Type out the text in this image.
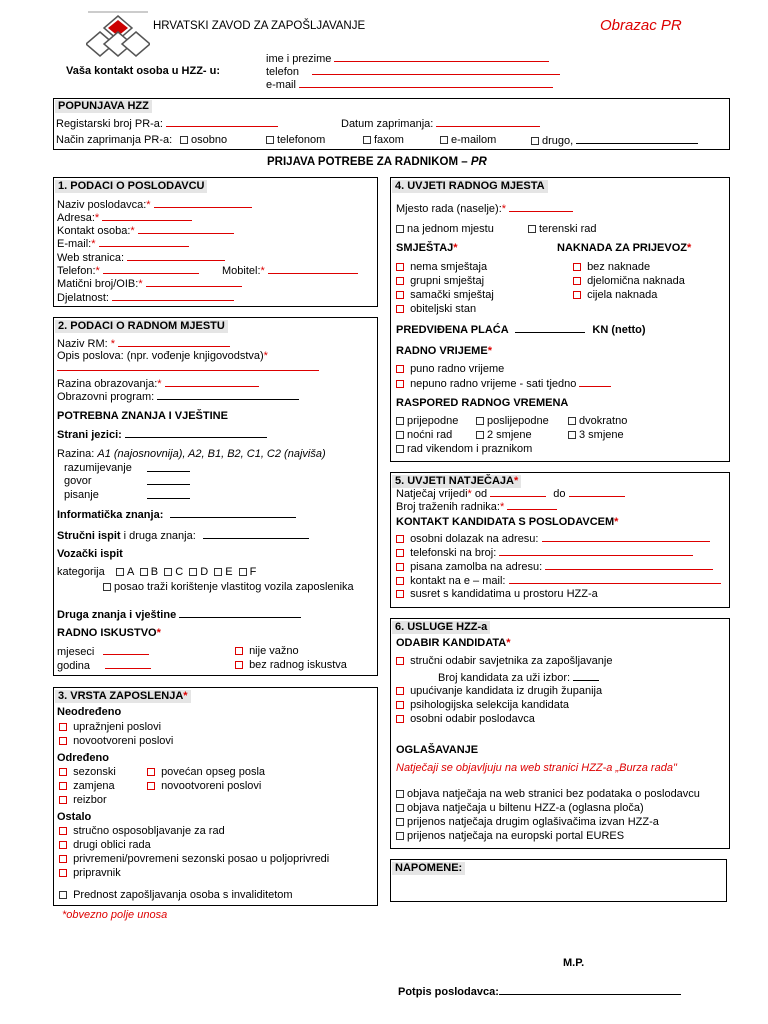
HRVATSKI ZAVOD ZA ZAPOŠLJAVANJE	Obrazac PR
Vaša kontakt osoba u HZZ- u:
ime i prezime
telefon
e-mail
POPUNJAVA HZZ
Registarski broj PR-a:	Datum zaprimanja:
Način zaprimanja PR-a:	osobno	telefonom	faxom	e-mailom	drugo,
PRIJAVA POTREBE ZA RADNIKOM – PR
1. PODACI O POSLODAVCU
Naziv poslodavca:*
Adresa:*
Kontakt osoba:*
E-mail:*
Web stranica:
Telefon:*	Mobitel:*
Matični broj/OIB:*
Djelatnost:
2. PODACI O RADNOM MJESTU
Naziv RM: *
Opis poslova: (npr. vođenje knjigovodstva)*
Razina obrazovanja:*
Obrazovni program:
POTREBNA ZNANJA I VJEŠTINE
Strani jezici:
Razina: A1 (najosnovnija), A2, B1, B2, C1, C2 (najviša)
razumijevanje
govor
pisanje
Informatička znanja:
Stručni ispit i druga znanja:
Vozački ispit
kategorija	A B C D E F
posao traži korištenje vlastitog vozila zaposlenika
Druga znanja i vještine
RADNO ISKUSTVO*
mjeseci
godina
nije važno
bez radnog iskustva
3. VRSTA ZAPOSLENJA*
Neodređeno
upražnjeni poslovi
novootvoreni poslovi
Određeno
sezonski
zamjena
reizbor
povećan opseg posla
novootvoreni poslovi
Ostalo
stručno osposobljavanje za rad
drugi oblici rada
privremeni/povremeni sezonski posao u poljoprivredi
pripravnik
Prednost zapošljavanja osoba s invaliditetom
*obvezno polje unosa
4. UVJETI RADNOG MJESTA
Mjesto rada (naselje):*
na jednom mjestu	terenski rad
SMJEŠTAJ*	NAKNADA ZA PRIJEVOZ*
nema smještaja
grupni smještaj
samački smještaj
obiteljski stan
bez naknade
djelomična naknada
cijela naknada
PREDVIĐENA PLAĆA	KN (netto)
RADNO VRIJEME*
puno radno vrijeme
nepuno radno vrijeme - sati tjedno
RASPORED RADNOG VREMENA
prijepodne	poslijepodne	dvokratno
noćni rad	2 smjene	3 smjene
rad vikendom i praznikom
5. UVJETI NATJEČAJA*
Natječaj vrijedi* od	do
Broj traženih radnika:*
KONTAKT KANDIDATA S POSLODAVCEM*
osobni dolazak na adresu:
telefonski na broj:
pisana zamolba na adresu:
kontakt na e – mail:
susret s kandidatima u prostoru HZZ-a
6. USLUGE HZZ-a
ODABIR KANDIDATA*
stručni odabir savjetnika za zapošljavanje
Broj kandidata za uži izbor:
upućivanje kandidata iz drugih županija
psihologijska selekcija kandidata
osobni odabir poslodavca
OGLAŠAVANJE
Natječaji se objavljuju na web stranici HZZ-a „Burza rada"
objava natječaja na web stranici bez podataka o poslodavcu
objava natječaja u biltenu HZZ-a (oglasna ploča)
prijenos natječaja drugim oglašivačima izvan HZZ-a
prijenos natječaja na europski portal EURES
NAPOMENE:
M.P.
Potpis poslodavca:
